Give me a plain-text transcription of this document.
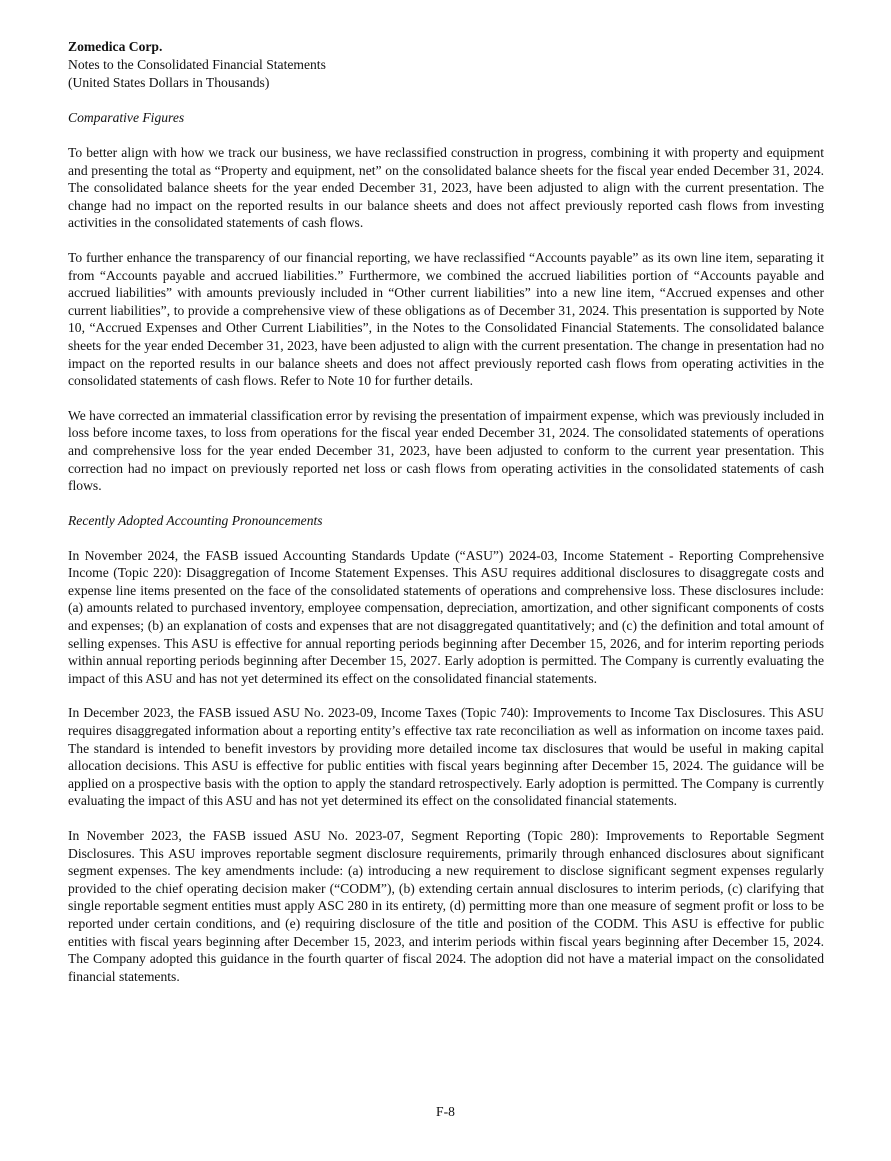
Zomedica Corp.
Notes to the Consolidated Financial Statements
(United States Dollars in Thousands)
Comparative Figures

To better align with how we track our business, we have reclassified construction in progress, combining it with property and equipment and presenting the total as “Property and equipment, net” on the consolidated balance sheets for the fiscal year ended December 31, 2024. The consolidated balance sheets for the year ended December 31, 2023, have been adjusted to align with the current presentation. The change had no impact on the reported results in our balance sheets and does not affect previously reported cash flows from investing activities in the consolidated statements of cash flows.

To further enhance the transparency of our financial reporting, we have reclassified “Accounts payable” as its own line item, separating it from “Accounts payable and accrued liabilities.” Furthermore, we combined the accrued liabilities portion of “Accounts payable and accrued liabilities” with amounts previously included in “Other current liabilities” into a new line item, “Accrued expenses and other current liabilities”, to provide a comprehensive view of these obligations as of December 31, 2024. This presentation is supported by Note 10, “Accrued Expenses and Other Current Liabilities”, in the Notes to the Consolidated Financial Statements. The consolidated balance sheets for the year ended December 31, 2023, have been adjusted to align with the current presentation. The change in presentation had no impact on the reported results in our balance sheets and does not affect previously reported cash flows from operating activities in the consolidated statements of cash flows. Refer to Note 10 for further details.

We have corrected an immaterial classification error by revising the presentation of impairment expense, which was previously included in loss before income taxes, to loss from operations for the fiscal year ended December 31, 2024. The consolidated statements of operations and comprehensive loss for the year ended December 31, 2023, have been adjusted to conform to the current year presentation. This correction had no impact on previously reported net loss or cash flows from operating activities in the consolidated statements of cash flows.

Recently Adopted Accounting Pronouncements

In November 2024, the FASB issued Accounting Standards Update (“ASU”) 2024-03, Income Statement - Reporting Comprehensive Income (Topic 220): Disaggregation of Income Statement Expenses. This ASU requires additional disclosures to disaggregate costs and expense line items presented on the face of the consolidated statements of operations and comprehensive loss. These disclosures include: (a) amounts related to purchased inventory, employee compensation, depreciation, amortization, and other significant components of costs and expenses; (b) an explanation of costs and expenses that are not disaggregated quantitatively; and (c) the definition and total amount of selling expenses. This ASU is effective for annual reporting periods beginning after December 15, 2026, and for interim reporting periods within annual reporting periods beginning after December 15, 2027. Early adoption is permitted. The Company is currently evaluating the impact of this ASU and has not yet determined its effect on the consolidated financial statements.

In December 2023, the FASB issued ASU No. 2023-09, Income Taxes (Topic 740): Improvements to Income Tax Disclosures. This ASU requires disaggregated information about a reporting entity’s effective tax rate reconciliation as well as information on income taxes paid. The standard is intended to benefit investors by providing more detailed income tax disclosures that would be useful in making capital allocation decisions. This ASU is effective for public entities with fiscal years beginning after December 15, 2024. The guidance will be applied on a prospective basis with the option to apply the standard retrospectively. Early adoption is permitted. The Company is currently evaluating the impact of this ASU and has not yet determined its effect on the consolidated financial statements.

In November 2023, the FASB issued ASU No. 2023-07, Segment Reporting (Topic 280): Improvements to Reportable Segment Disclosures. This ASU improves reportable segment disclosure requirements, primarily through enhanced disclosures about significant segment expenses. The key amendments include: (a) introducing a new requirement to disclose significant segment expenses regularly provided to the chief operating decision maker (“CODM”), (b) extending certain annual disclosures to interim periods, (c) clarifying that single reportable segment entities must apply ASC 280 in its entirety, (d) permitting more than one measure of segment profit or loss to be reported under certain conditions, and (e) requiring disclosure of the title and position of the CODM. This ASU is effective for public entities with fiscal years beginning after December 15, 2023, and interim periods within fiscal years beginning after December 15, 2024. The Company adopted this guidance in the fourth quarter of fiscal 2024. The adoption did not have a material impact on the consolidated financial statements.

F-8
